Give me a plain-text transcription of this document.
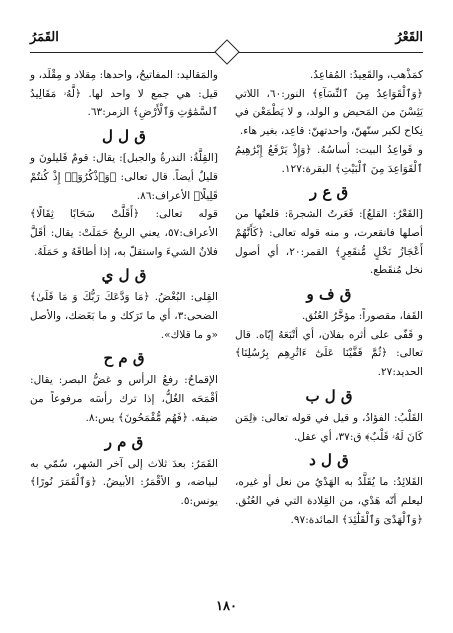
القَعْرُ
القَمَرُ

كمَذْهب، والقَعِيدُ: المُقاعِدُ.

﴿وَٱلْقَوَاعِدُ مِنَ ٱلنِّسَآءِ﴾ النور:٦٠، اللاتي يَئِسْنَ من المَحيض و الولد، و لا يَطْمَعْن في نِكاح لكبر سنّهنّ، واحدتهنّ: قاعِد، بغير هاء.

و قَواعِدُ البيت: أساسُهُ. ﴿وَإِذْ يَرْفَعُ إِبْرَٰهِيمُ ٱلْقَوَاعِدَ مِنَ ٱلْبَيْتِ﴾ البقرة:١٢٧.

ق ع ر

[القَعْرُ: القلعُ]: قَعَرتُ الشجرةَ: قلعتُها من أصلها فانقعرت، و منه قوله تعالى: ﴿كَأَنَّهُمْ أَعْجَازُ نَخْلٍ مُّنقَعِرٍ﴾ القمر:٢٠، أي أصول نخل مُنقَطع.

ق ف و

القَفا، مقصوراً: مؤخَّرُ العُنُق.

و قَفّى على أثره بفلان، أي أتْبَعَهُ إيّاه. قال تعالى: ﴿ثُمَّ قَفَّيْنَا عَلَىٰٓ ءَاثَٰرِهِم بِرُسُلِنَا﴾ الحديد:٢٧.

ق ل ب

القَلْبُ: الفؤادُ، و قيل في قوله تعالى: ﴿لِمَن كَانَ لَهُۥ قَلْبٌ﴾ ق:٣٧، أي عقل.

ق ل د

القَلائِدُ: ما يُقَلَّدُ به الهَدْيُ من نعل أو غيره، ليعلم أنّه هَدْي، من القِلادة التي في العُنُق. ﴿وَٱلْهَدْىَ وَٱلْقَلَٰٓئِدَ﴾ المائدة:٩٧.

والمَقاليد: المفاتيحُ، واحدها: مِقلاد و مِقْلَد، و قيل: هي جمع لا واحد لها. ﴿لَّهُۥ مَقَالِيدُ ٱلسَّمَٰوَٰتِ وَٱلْأَرْضِ﴾ الزمر:٦٣.

ق ل ل

[القِلَّةُ: الندرةُ والجبل]: يقال: قومٌ قَليلونَ و قليلٌ أيضاً. قال تعالى: ﴿وَٱذْكُرُوٓا۟ إِذْ كُنتُمْ قَلِيلًا﴾ الأعراف:٨٦.

قوله تعالى: ﴿أَقَلَّتْ سَحَابًا ثِقَالًا﴾ الأعراف:٥٧، يعني الريحُ حَمَلَتْ: يقال: أقَلَّ فلانٌ الشيءَ واستقلّ به، إذا أطاقَهُ و حَمَلَهُ.

ق ل ي

القِلى: البُغْضُ. ﴿مَا وَدَّعَكَ رَبُّكَ وَ مَا قَلَىٰ﴾ الضحى:٣، أي ما تَرَكك و ما بَغَضك، والأصل «و ما قلاك».

ق م ح

الإقماحُ: رفعُ الرأس و غضُّ البصر: يقال: أقْمَحَه الغُلُّ، إذا ترك رأسَه مرفوعاً من ضيقه. ﴿فَهُم مُّقْمَحُونَ﴾ يس:٨.

ق م ر

القَمَرُ: بعدَ ثلاث إلى آخر الشهر، سُمّي به لبياضه، و الأقْمَرُ: الأبيضُ. ﴿وَٱلْقَمَرَ نُورًا﴾ يونس:٥.

١٨٠
